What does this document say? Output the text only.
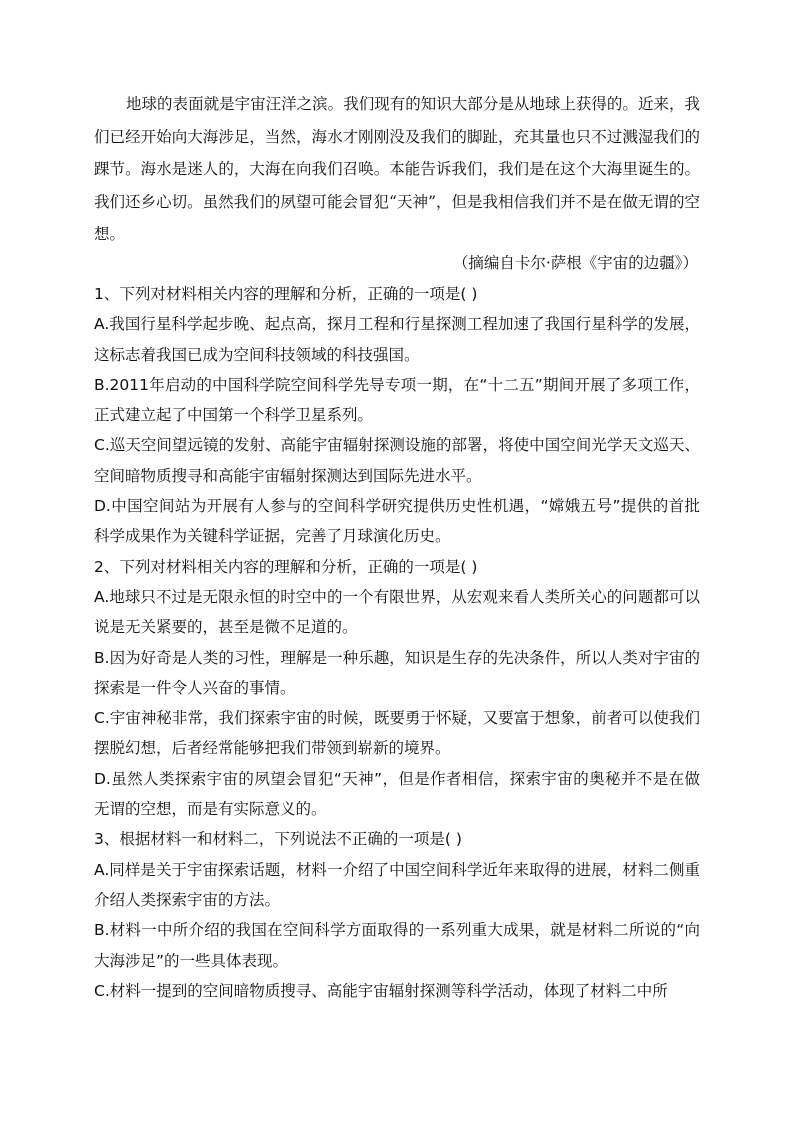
地球的表面就是宇宙汪洋之滨。我们现有的知识大部分是从地球上获得的。近来，我们已经开始向大海涉足，当然，海水才刚刚没及我们的脚趾，充其量也只不过溅湿我们的踝节。海水是迷人的，大海在向我们召唤。本能告诉我们，我们是在这个大海里诞生的。我们还乡心切。虽然我们的夙望可能会冒犯“天神”，但是我相信我们并不是在做无谓的空想。

（摘编自卡尔·萨根《宇宙的边疆》）

1、下列对材料相关内容的理解和分析，正确的一项是( )

A.我国行星科学起步晚、起点高，探月工程和行星探测工程加速了我国行星科学的发展，这标志着我国已成为空间科技领域的科技强国。

B.2011年启动的中国科学院空间科学先导专项一期，在“十二五”期间开展了多项工作，正式建立起了中国第一个科学卫星系列。

C.巡天空间望远镜的发射、高能宇宙辐射探测设施的部署，将使中国空间光学天文巡天、空间暗物质搜寻和高能宇宙辐射探测达到国际先进水平。

D.中国空间站为开展有人参与的空间科学研究提供历史性机遇，“嫦娥五号”提供的首批科学成果作为关键科学证据，完善了月球演化历史。

2、下列对材料相关内容的理解和分析，正确的一项是( )

A.地球只不过是无限永恒的时空中的一个有限世界，从宏观来看人类所关心的问题都可以说是无关紧要的，甚至是微不足道的。

B.因为好奇是人类的习性，理解是一种乐趣，知识是生存的先决条件，所以人类对宇宙的探索是一件令人兴奋的事情。

C.宇宙神秘非常，我们探索宇宙的时候，既要勇于怀疑，又要富于想象，前者可以使我们摆脱幻想，后者经常能够把我们带领到崭新的境界。

D.虽然人类探索宇宙的夙望会冒犯“天神”，但是作者相信，探索宇宙的奥秘并不是在做无谓的空想，而是有实际意义的。

3、根据材料一和材料二，下列说法不正确的一项是( )

A.同样是关于宇宙探索话题，材料一介绍了中国空间科学近年来取得的进展，材料二侧重介绍人类探索宇宙的方法。

B.材料一中所介绍的我国在空间科学方面取得的一系列重大成果，就是材料二所说的“向大海涉足”的一些具体表现。

C.材料一提到的空间暗物质搜寻、高能宇宙辐射探测等科学活动，体现了材料二中所
